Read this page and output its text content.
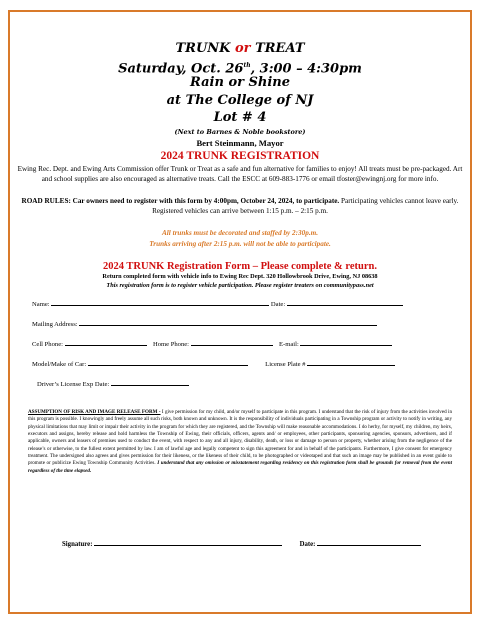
TRUNK or TREAT
Saturday, Oct. 26th, 3:00 – 4:30pm
Rain or Shine
at The College of NJ
Lot # 4
(Next to Barnes & Noble bookstore)
Bert Steinmann, Mayor
2024 TRUNK REGISTRATION
Ewing Rec. Dept. and Ewing Arts Commission offer Trunk or Treat as a safe and fun alternative for families to enjoy! All treats must be pre-packaged. Art and school supplies are also encouraged as alternative treats. Call the ESCC at 609-883-1776 or email tfoster@ewingnj.org for more info.
ROAD RULES: Car owners need to register with this form by 4:00pm, October 24, 2024, to participate. Participating vehicles cannot leave early. Registered vehicles can arrive between 1:15 p.m. – 2:15 p.m.
All trunks must be decorated and staffed by 2:30p.m.
Trunks arriving after 2:15 p.m. will not be able to participate.
2024 TRUNK Registration Form – Please complete & return.
Return completed form with vehicle info to Ewing Rec Dept. 320 Hollowbrook Drive, Ewing, NJ 08638
This registration form is to register vehicle participation. Please register treaters on communitypass.net
Name:	Date:
Mailing Address:
Cell Phone:	Home Phone:	E-mail:
Model/Make of Car:	License Plate #
Driver’s License Exp Date:
ASSUMPTION OF RISK AND IMAGE RELEASE FORM - I give permission for my child, and/or myself to participate in this program. I understand that the risk of injury from the activities involved in this program is possible. I knowingly and freely assume all such risks, both known and unknown. It is the responsibility of individuals participating in a Township program or activity to notify in writing, any physical limitations that may limit or impair their activity in the program for which they are registered, and the Township will make reasonable accommodations. I do herby, for myself, my children, my heirs, executors and assigns, hereby release and hold harmless the Township of Ewing, their officials, officers, agents and/ or employees, other participants, sponsoring agencies, sponsors, advertisers, and if applicable, owners and leasers of premises used to conduct the event, with respect to any and all injury, disability, death, or loss or damage to person or property, whether arising from the negligence of the release’s or otherwise, to the fullest extent permitted by law. I am of lawful age and legally competent to sign this agreement for and in behalf of the participants. Furthermore, I give consent for emergency treatment. The undersigned also agrees and gives permission for their likeness, or the likeness of their child, to be photographed or videotaped and that such an image may be published in an event guide to promote or publicize Ewing Township Community Activities. I understand that any omission or misstatement regarding residency on this registration form shall be grounds for removal from the event regardless of the time elapsed.
Signature:	Date:
